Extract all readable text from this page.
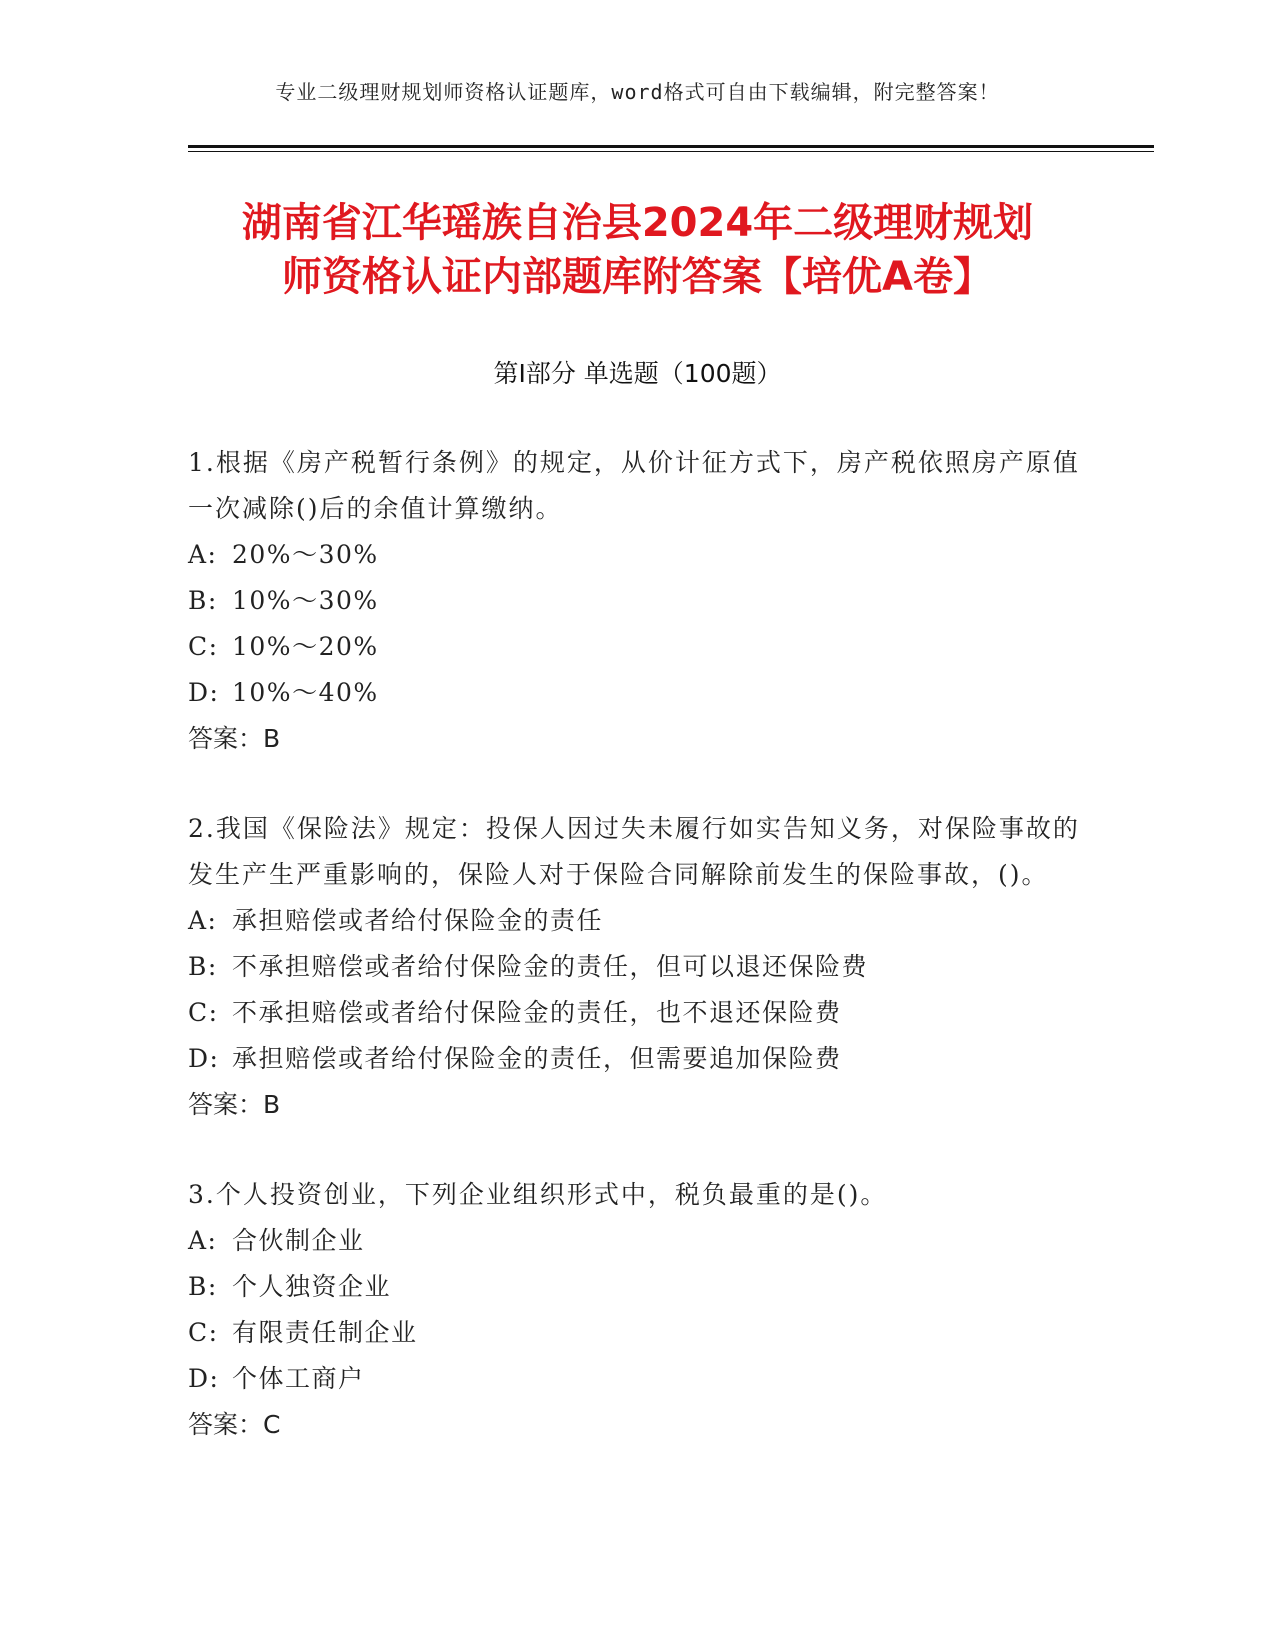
专业二级理财规划师资格认证题库，word格式可自由下载编辑，附完整答案！
湖南省江华瑶族自治县2024年二级理财规划
师资格认证内部题库附答案【培优A卷】
第I部分 单选题（100题）

1.根据《房产税暂行条例》的规定，从价计征方式下，房产税依照房产原值一次减除()后的余值计算缴纳。

A: 20%～30%

B: 10%～30%

C: 10%～20%

D: 10%～40%

答案：B

2.我国《保险法》规定：投保人因过失未履行如实告知义务，对保险事故的发生产生严重影响的，保险人对于保险合同解除前发生的保险事故，()。

A: 承担赔偿或者给付保险金的责任

B: 不承担赔偿或者给付保险金的责任，但可以退还保险费

C: 不承担赔偿或者给付保险金的责任，也不退还保险费

D: 承担赔偿或者给付保险金的责任，但需要追加保险费

答案：B

3.个人投资创业，下列企业组织形式中，税负最重的是()。

A: 合伙制企业

B: 个人独资企业

C: 有限责任制企业

D: 个体工商户

答案：C
